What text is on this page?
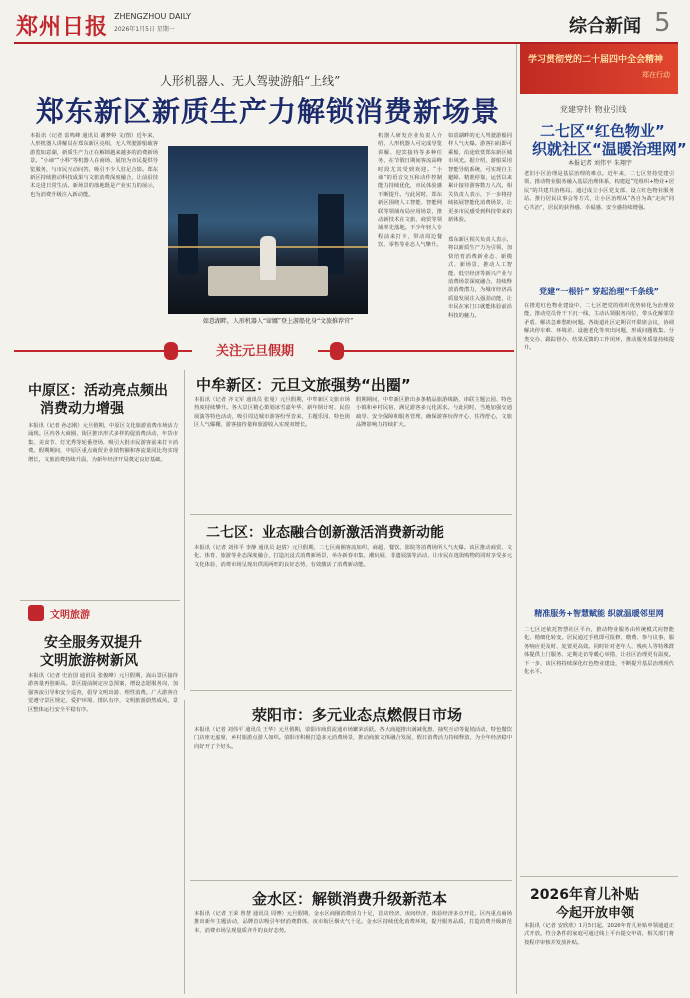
郑州日报 ZHENGZHOU DAILY
2026年1月5日 星期一	综合新闻 5
人形机器人、无人驾驶游船“上线”
郑东新区新质生产力解锁消费新场景
本报讯（记者 雷鸣峰 通讯员 谢梦婷 文/图）近年来，人形机器人讲解员在郑东新区亮相，无人驾驶游船载客游览如意湖，新质生产力正在解锁越来越多的消费新场景。“小谛”“小科”等机器人在商场、展馆为市民提供导览服务，与市民互动问答，吸引不少人驻足合影。郑东新区持续推动科技成果与文旅消费深度融合，让前沿技术走进日常生活。新场景的落地既是产业实力的展示，也为消费升级注入新动能。
如意湖畔，人形机器人“谛娜”登上游船化身“文旅推荐官”
机器人研发企业负责人介绍，人形机器人可完成导览讲解、迎宾接待等多种任务，在节假日期间客流高峰时段尤其受到欢迎。“小谛”的语音交互和动作控制能力持续优化，市民体验感不断提升。与此同时，郑东新区围绕人工智能、智能网联等领域布局应用场景，推动新技术在文旅、商贸等领域率先落地。不少年轻人专程前来打卡，带动周边餐饮、零售等业态人气攀升。
如意湖畔的无人驾驶游船同样人气火爆。游客扫码即可乘船，沿途欣赏郑东新区城市风光。据介绍，游船采用智能导航系统，可实现自主避障、精准停靠，运营以来累计接待游客数万人次。相关负责人表示，下一步将持续拓展智能化消费场景，让更多市民感受到科技带来的新体验。
郑东新区相关负责人表示，将以新质生产力为引领，加快培育消费新业态、新模式、新场景，推动人工智能、低空经济等新兴产业与消费场景深度融合，持续释放消费潜力，为城市经济高质量发展注入强劲动能，让市民在家门口就能体验前沿科技的魅力。
学习贯彻党的二十届四中全会精神
郑在行动
党建穿针 物业引线
二七区“红色物业”
织就社区“温暖治理网”
本报记者 刘伟平 朱翔宇
老旧小区治理是基层治理的难点。近年来，二七区坚持党建引领，推动物业服务融入基层治理体系，构建起“党组织+物业+居民”的共建共治格局。通过成立小区党支部、设立红色物业服务站、推行居民议事会等方式，让小区治理从“各自为战”走向“同心共治”，居民的获得感、幸福感、安全感持续增强。
党建“一根针” 穿起治理“千条线”
在推进红色物业建设中，二七区把党的组织优势转化为治理效能，推动党员骨干下沉一线，主动认领服务岗位，带头化解邻里矛盾、解决急难愁盼问题。各街道社区定期召开联席会议，协调解决停车难、环境差、设施老化等突出问题，形成问题收集、分类交办、跟踪督办、结果反馈的工作闭环，推动服务质量持续提升。
精准服务+智慧赋能 织就温暖邻里网
二七区还依托智慧社区平台，推动物业服务由传统模式向智能化、精细化转变。居民通过手机即可报修、缴费、参与议事，服务响应更及时、处置更高效。同时针对老年人、残疾人等特殊群体提供上门服务、定期走访等暖心举措，让社区治理更有温度。下一步，该区将持续深化红色物业建设，不断提升基层治理现代化水平。
2026年育儿补贴
今起开放申领
本报讯（记者 安欣欣）1月5日起，2026年育儿补贴申领通道正式开放。符合条件的家庭可通过线上平台提交申请，相关部门将按程序审核并发放补贴。
关注元旦假期
中原区：活动亮点频出
消费动力增强
本报讯（记者 孙志刚）元旦假期，中原区文化旅游消费市场活力涌现。区内各大商圈、街区推出形式多样的促消费活动，年货市集、美食节、灯光秀等轮番登场，吸引大批市民游客前来打卡消费。假期期间，中原区重点商贸企业销售额和客流量同比均实现增长，文旅消费持续升温，为新年经济开局奠定良好基础。
中牟新区：元旦文旅强势“出圈”
本报讯（记者 齐文军 通讯员 张曼）元旦假期，中牟新区文旅市场热度持续攀升。各大景区精心策划冰雪嘉年华、新年倒计时、民俗展演等特色活动，吸引周边城市游客纷至沓来，主题乐园、特色街区人气爆棚，游客接待量和旅游收入实现双增长。
假期期间，中牟新区推出多条精品旅游线路，串联主题公园、特色小镇和乡村民宿，满足游客多元化需求。与此同时，当地加强交通疏导、安全保障和服务管理，确保游客玩得开心、住得舒心，文旅品牌影响力持续扩大。
二七区：业态融合创新激活消费新动能
本报讯（记者 刘伟平 李静 通讯员 赵倩）元旦假期，二七区商圈客流如织，商超、餐饮、影院等消费场所人气火爆。该区推动商贸、文化、体育、旅游等业态深度融合，打造沉浸式消费新场景，举办新春市集、潮玩展、非遗展演等活动，让市民在逛街购物的同时享受多元文化体验，消费市场呈现出供需两旺的良好态势，有效激活了消费新动能。
文明旅游
安全服务双提升
文明旅游树新风
本报讯（记者 史治国 通讯员 张俊峰）元旦假期，嵩山景区接待游客量再创新高。景区提前制定应急预案，增设志愿服务岗，加强客流引导和安全巡查，倡导文明出游、理性消费。广大游客自觉遵守景区规定，爱护环境、排队有序，文明旅游蔚然成风，景区整体运行安全平稳有序。	荥阳市：多元业态点燃假日市场
本报讯（记者 刘伟平 通讯员 王华）元旦假期，荥阳市商贸流通市场繁荣活跃。各大商超推出满减优惠、抽奖互动等促销活动，特色餐饮门店座无虚席，乡村旅游点游人如织。荥阳市积极打造多元消费场景，推动商旅文体融合发展，假日消费活力持续释放，为全年经济稳中向好开了个好头。
金水区：解锁消费升级新范本
本报讯（记者 王荣 鲁慧 通讯员 周博）元旦假期，金水区商圈消费活力十足，首店经济、夜间经济、体验经济多点开花。区内重点商场推出新年主题活动，品牌首店吸引年轻消费群体，夜市街区烟火气十足。金水区持续优化消费环境，提升服务品质，打造消费升级新范本，消费市场呈现量质齐升的良好态势。
